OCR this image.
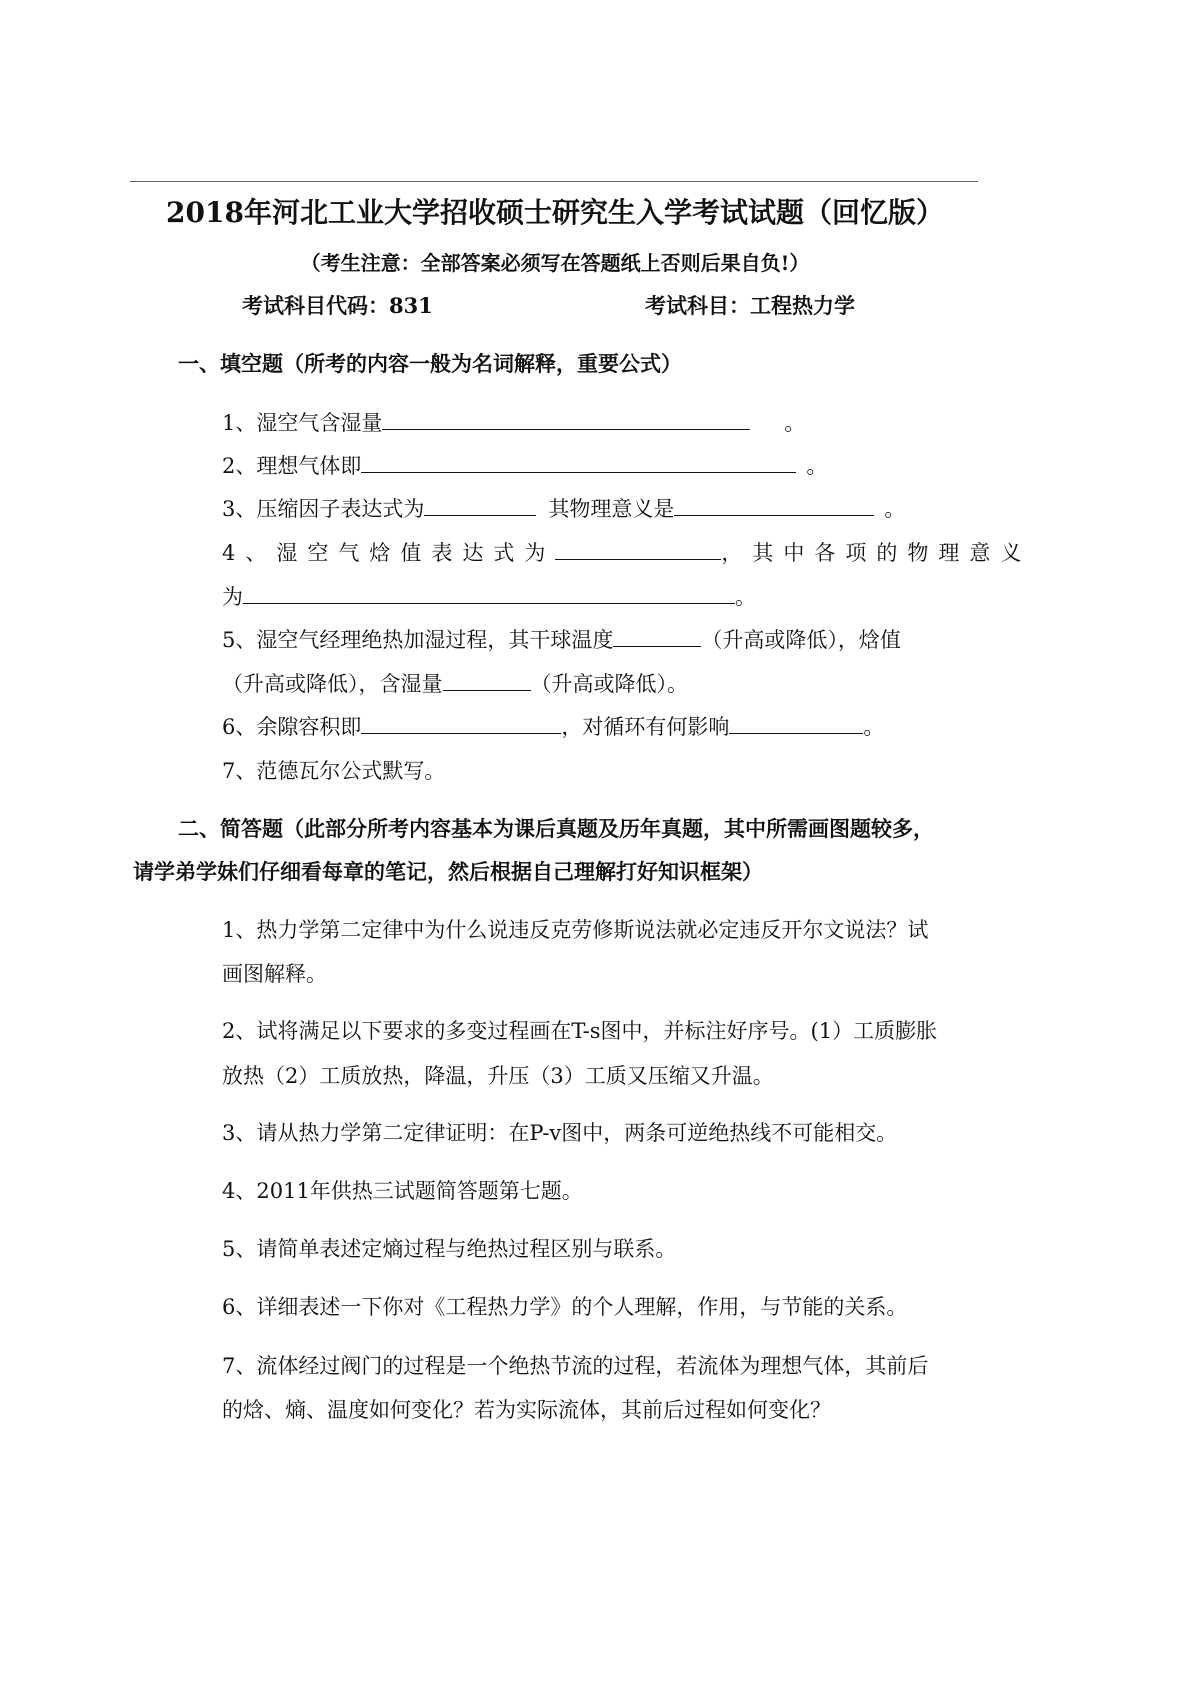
2018年河北工业大学招收硕士研究生入学考试试题（回忆版）
（考生注意：全部答案必须写在答题纸上否则后果自负!）
考试科目代码：831	考试科目：工程热力学
一、填空题（所考的内容一般为名词解释，重要公式）
1、湿空气含湿量	。
2、理想气体即	。
3、压缩因子表达式为	其物理意义是	。
4、湿空气焓值表达式为	，其中各项的物理意义
为	。
5、湿空气经理绝热加湿过程，其干球温度	（升高或降低），焓值
（升高或降低），含湿量	（升高或降低）。
6、余隙容积即	，对循环有何影响	。
7、范德瓦尔公式默写。
二、简答题（此部分所考内容基本为课后真题及历年真题，其中所需画图题较多，
请学弟学妹们仔细看每章的笔记，然后根据自己理解打好知识框架）
1、热力学第二定律中为什么说违反克劳修斯说法就必定违反开尔文说法？试
画图解释。
2、试将满足以下要求的多变过程画在T-s图中，并标注好序号。(1）工质膨胀
放热（2）工质放热，降温，升压（3）工质又压缩又升温。
3、请从热力学第二定律证明：在P-v图中，两条可逆绝热线不可能相交。
4、2011年供热三试题简答题第七题。
5、请简单表述定熵过程与绝热过程区别与联系。
6、详细表述一下你对《工程热力学》的个人理解，作用，与节能的关系。
7、流体经过阀门的过程是一个绝热节流的过程，若流体为理想气体，其前后
的焓、熵、温度如何变化？若为实际流体，其前后过程如何变化？
